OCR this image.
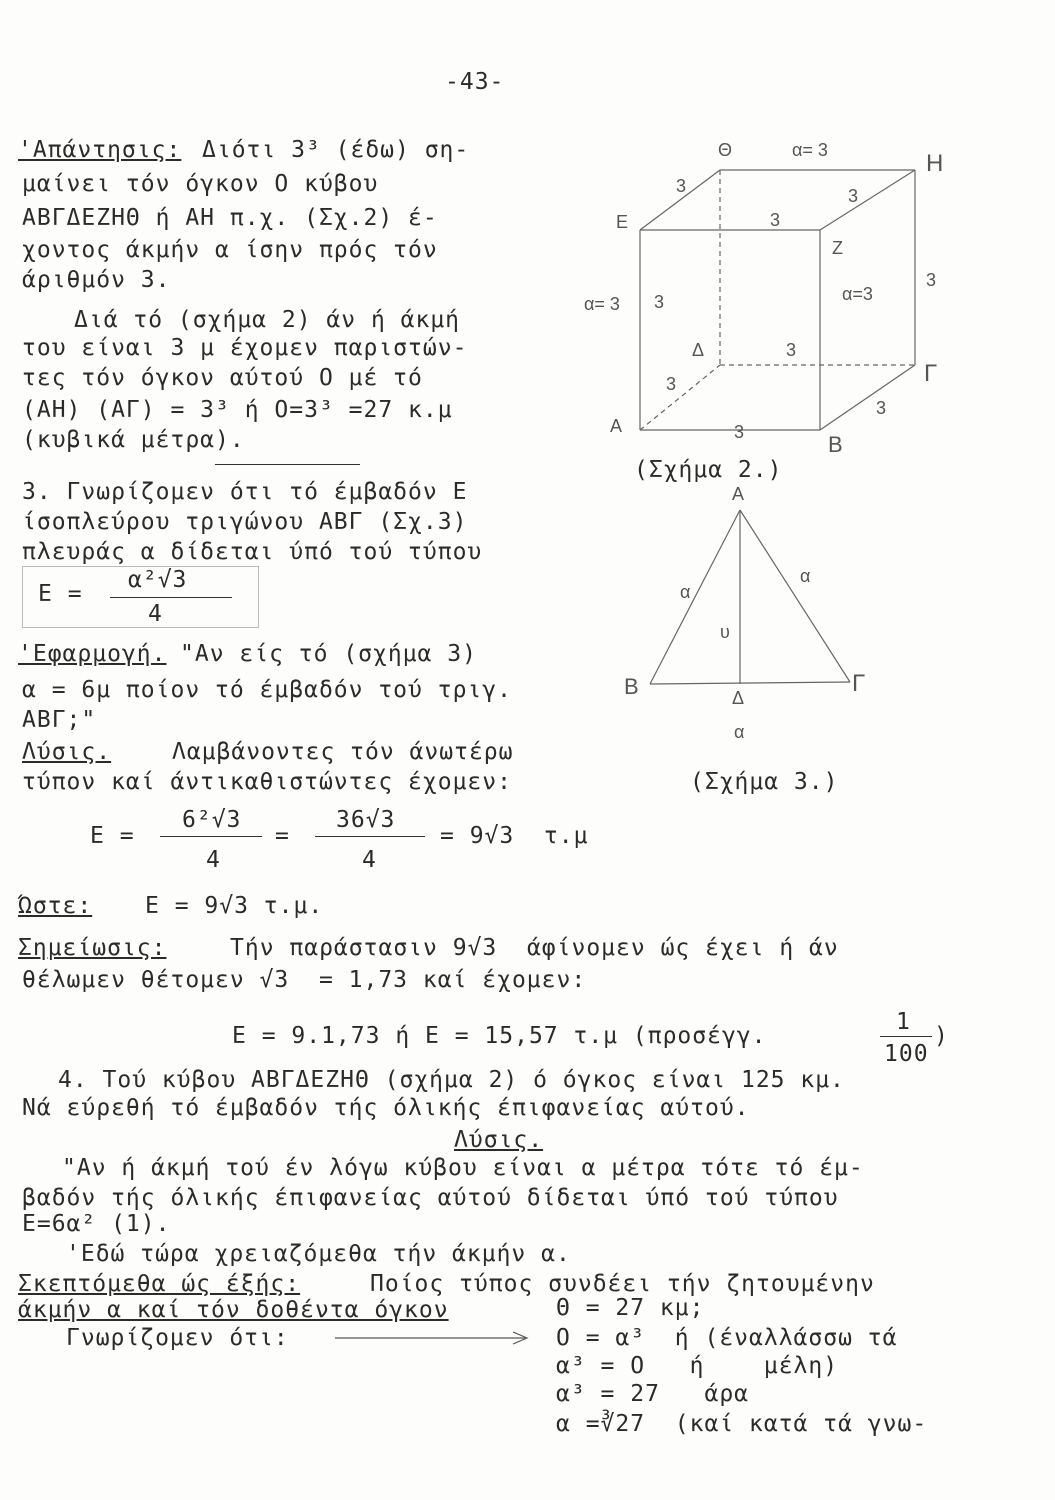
-43-
'Απάντησις: Διότι 3³ (έδω) ση-
μαίνει τόν όγκον Ο κύβου
ΑΒΓΔΕΖΗΘ ή ΑΗ π.χ. (Σχ.2) έ-
χοντος άκμήν α ίσην πρός τόν
άριθμόν 3.
Διά τό (σχήμα 2) άν ή άκμή
του είναι 3 μ έχομεν παριστών-
τες τόν όγκον αύτού Ο μέ τό
(ΑΗ) (ΑΓ) = 3³ ή Ο=3³ =27 κ.μ
(κυβικά μέτρα).
3. Γνωρίζομεν ότι τό έμβαδόν Ε
ίσοπλεύρου τριγώνου ΑΒΓ (Σχ.3)
πλευράς α δίδεται ύπό τού τύπου
Ε =
α²√3
4
'Εφαρμογή. "Αν είς τό (σχήμα 3)
α = 6μ ποίον τό έμβαδόν τού τριγ.
ΑΒΓ;"
Λύσις.	Λαμβάνοντες τόν άνωτέρω
τύπον καί άντικαθιστώντες έχομεν:
Ε =
6²√3
4
=
36√3
4
= 9√3  τ.μ
Ώστε: Ε = 9√3 τ.μ.
Σημείωσις:	Τήν παράστασιν 9√3  άφίνομεν ώς έχει ή άν
θέλωμεν θέτομεν √3  = 1,73 καί έχομεν:
Ε = 9.1,73 ή Ε = 15,57 τ.μ (προσέγγ.
1
100
)
4. Τού κύβου ΑΒΓΔΕΖΗΘ (σχήμα 2) ό όγκος είναι 125 κμ.
Νά εύρεθή τό έμβαδόν τής όλικής έπιφανείας αύτού.
Λύσις.
"Αν ή άκμή τού έν λόγω κύβου είναι α μέτρα τότε τό έμ-
βαδόν τής όλικής έπιφανείας αύτού δίδεται ύπό τού τύπου
Ε=6α² (1).
'Εδώ τώρα χρειαζόμεθα τήν άκμήν α.
Σκεπτόμεθα ώς έξής:	Ποίος τύπος συνδέει τήν ζητουμένην
άκμήν α καί τόν δοθέντα όγκον
Γνωρίζομεν ότι:
Θ = 27 κμ;
Ο = α³  ή (έναλλάσσω τά
α³ = Ο   ή    μέλη)
α³ = 27   άρα
α =∛27  (καί κατά τά γνω-
Θ	Η
Ε
Ζ
Δ
Γ
Α
Β
3
3
3
3
3
3
3
3
3
α= 3
α=3
α= 3
(Σχήμα 2.)
Α
Β	Γ
Δ
α
α
α
υ
(Σχήμα 3.)
